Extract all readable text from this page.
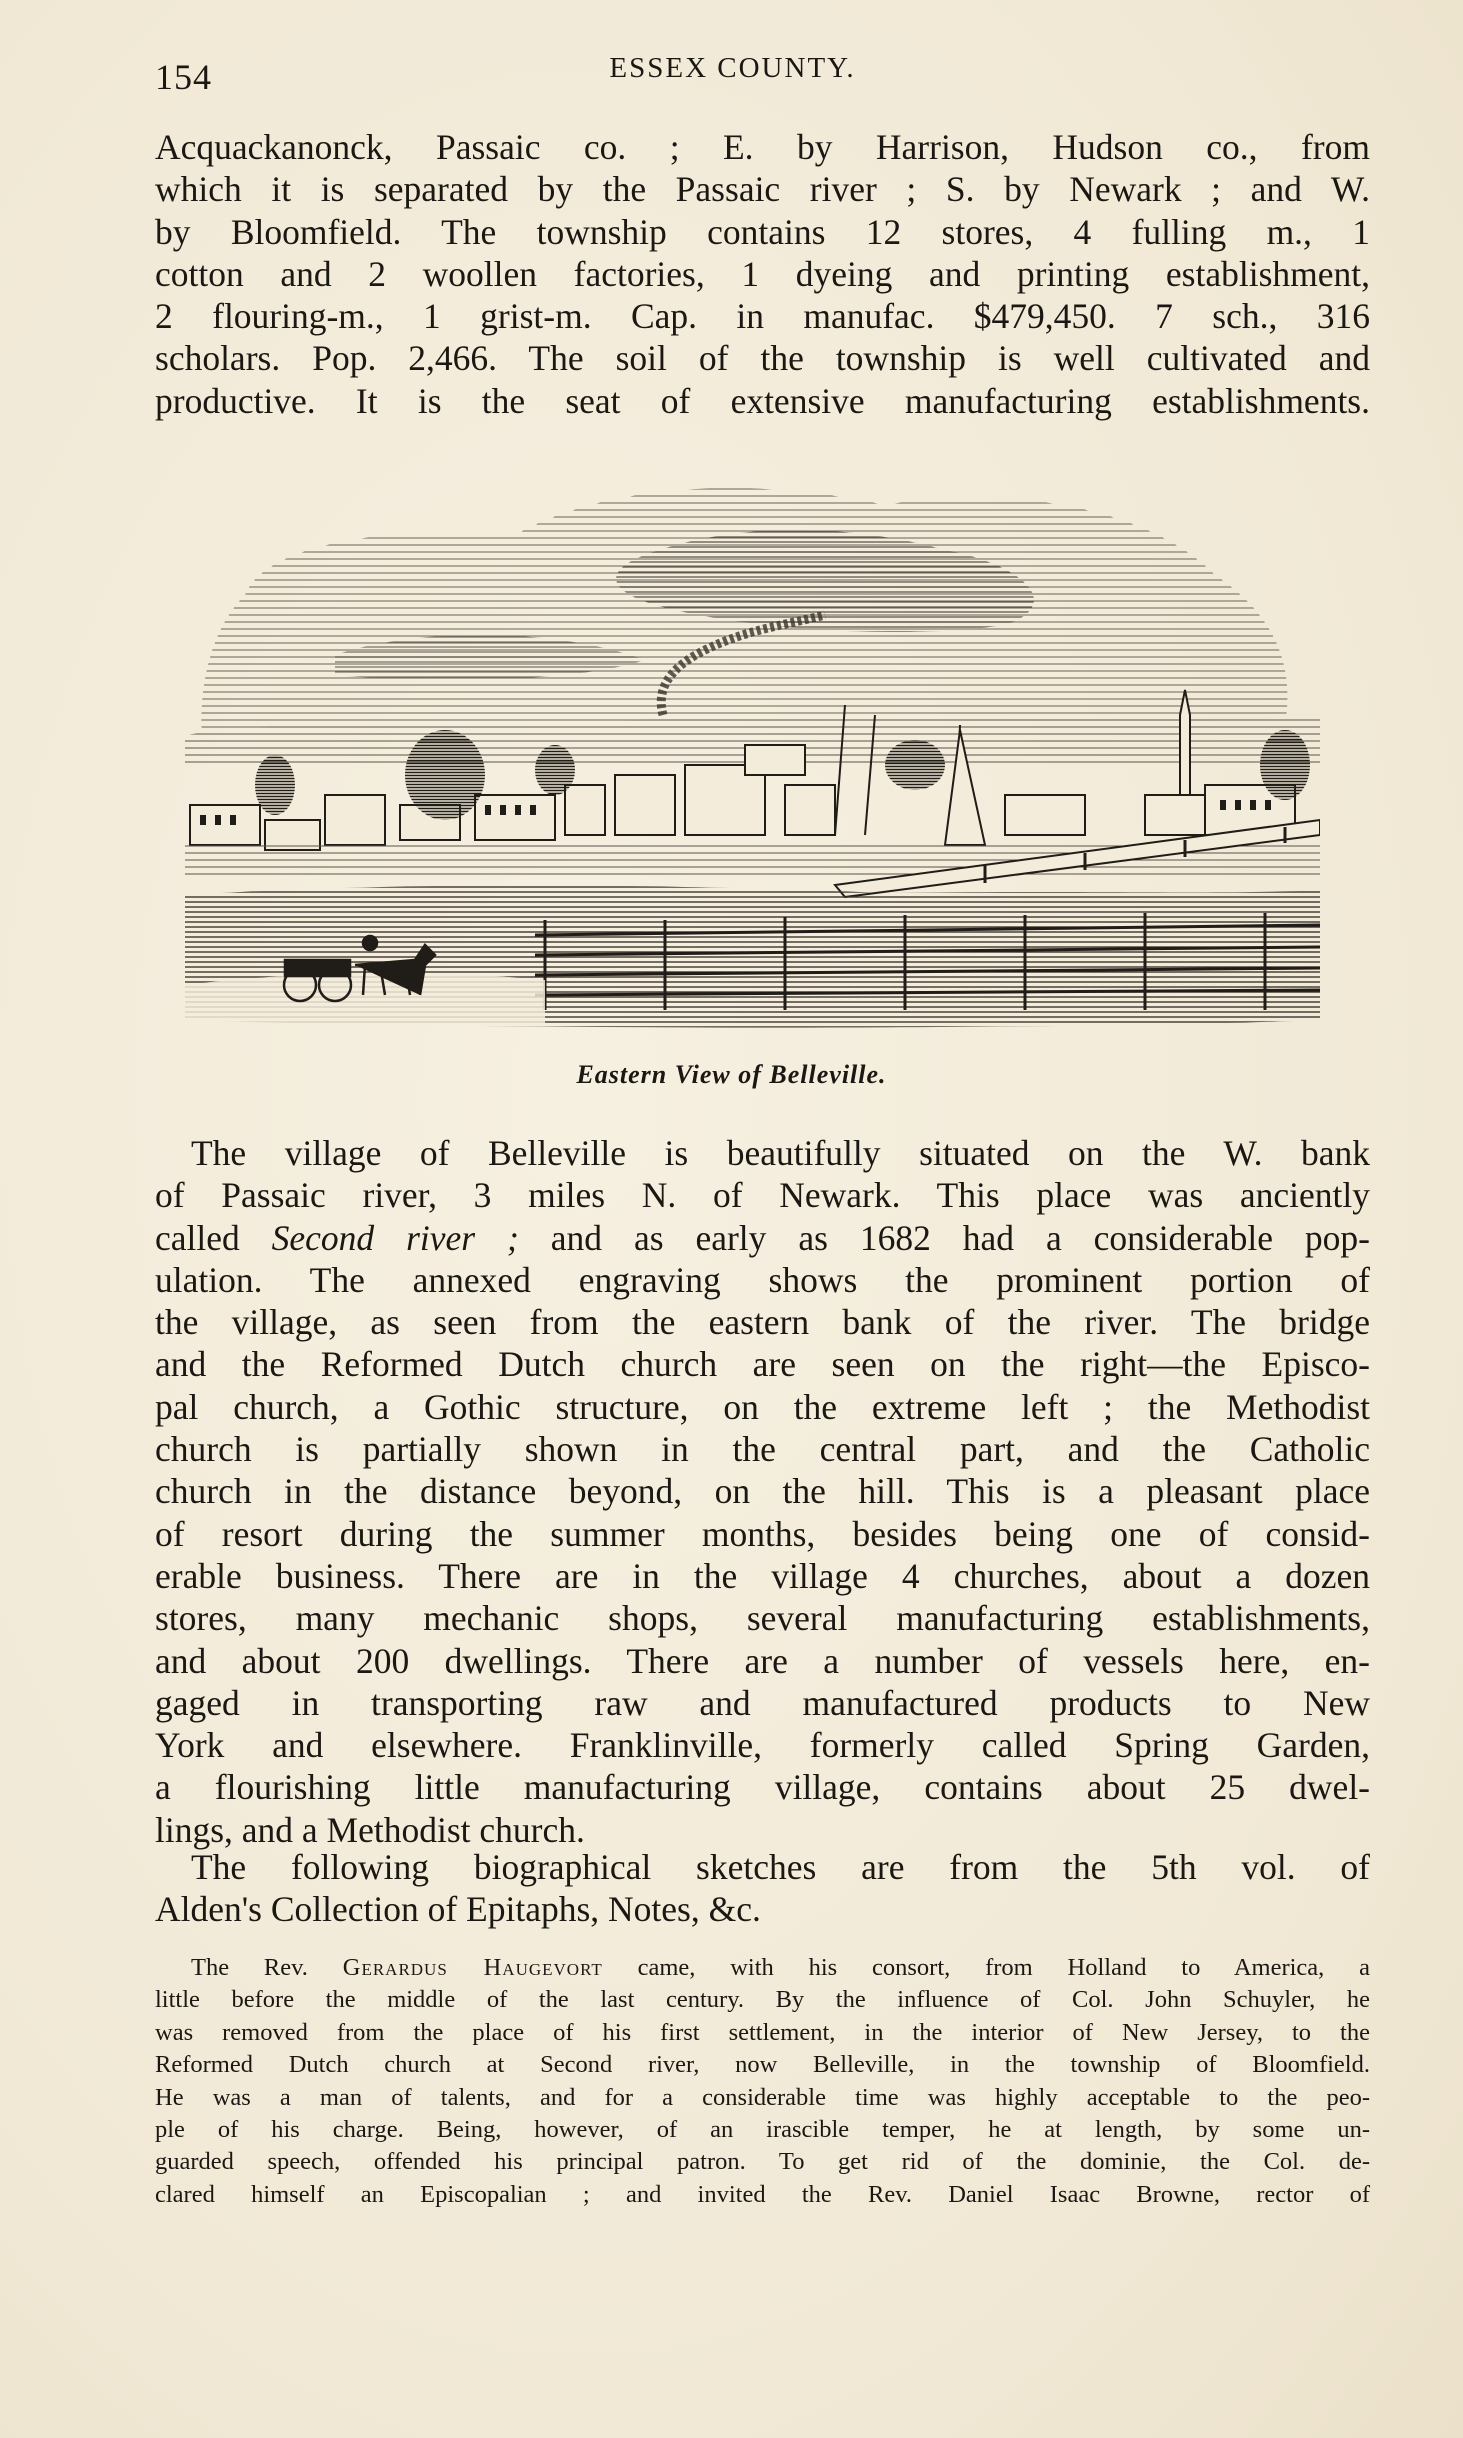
154	ESSEX COUNTY.
Acquackanonck, Passaic co. ; E. by Harrison, Hudson co., from
which it is separated by the Passaic river ; S. by Newark ; and W.
by Bloomfield. The township contains 12 stores, 4 fulling m., 1
cotton and 2 woollen factories, 1 dyeing and printing establishment,
2 flouring-m., 1 grist-m. Cap. in manufac. $479,450. 7 sch., 316
scholars. Pop. 2,466. The soil of the township is well cultivated and
productive. It is the seat of extensive manufacturing establishments.
Eastern View of Belleville.
The village of Belleville is beautifully situated on the W. bank
of Passaic river, 3 miles N. of Newark. This place was anciently
called Second river ; and as early as 1682 had a considerable pop-
ulation. The annexed engraving shows the prominent portion of
the village, as seen from the eastern bank of the river. The bridge
and the Reformed Dutch church are seen on the right—the Episco-
pal church, a Gothic structure, on the extreme left ; the Methodist
church is partially shown in the central part, and the Catholic
church in the distance beyond, on the hill. This is a pleasant place
of resort during the summer months, besides being one of consid-
erable business. There are in the village 4 churches, about a dozen
stores, many mechanic shops, several manufacturing establishments,
and about 200 dwellings. There are a number of vessels here, en-
gaged in transporting raw and manufactured products to New
York and elsewhere. Franklinville, formerly called Spring Garden,
a flourishing little manufacturing village, contains about 25 dwel-
lings, and a Methodist church.
The following biographical sketches are from the 5th vol. of
Alden's Collection of Epitaphs, Notes, &c.
The Rev. Gerardus Haugevort came, with his consort, from Holland to America, a
little before the middle of the last century. By the influence of Col. John Schuyler, he
was removed from the place of his first settlement, in the interior of New Jersey, to the
Reformed Dutch church at Second river, now Belleville, in the township of Bloomfield.
He was a man of talents, and for a considerable time was highly acceptable to the peo-
ple of his charge. Being, however, of an irascible temper, he at length, by some un-
guarded speech, offended his principal patron. To get rid of the dominie, the Col. de-
clared himself an Episcopalian ; and invited the Rev. Daniel Isaac Browne, rector of
